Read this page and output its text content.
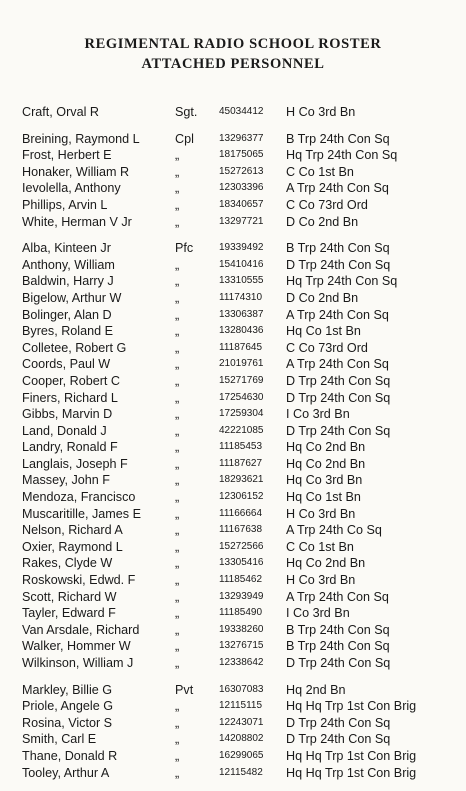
REGIMENTAL RADIO SCHOOL ROSTER
ATTACHED PERSONNEL
Craft, Orval R	Sgt. 45034412 H Co 3rd Bn
Breining, Raymond L	Cpl	13296377 B Trp 24th Con Sq
Frost, Herbert E	„	18175065 Hq Trp 24th Con Sq
Honaker, William R	„	15272613 C Co 1st Bn
Ievolella, Anthony	„	12303396 A Trp 24th Con Sq
Phillips, Arvin L	„	18340657 C Co 73rd Ord
White, Herman V Jr	„	13297721 D Co 2nd Bn
Alba, Kinteen Jr	Pfc	19339492 B Trp 24th Con Sq
Anthony, William	„	15410416 D Trp 24th Con Sq
Baldwin, Harry J	„	13310555 Hq Trp 24th Con Sq
Bigelow, Arthur W	„	11174310 D Co 2nd Bn
Bolinger, Alan D	„	13306387 A Trp 24th Con Sq
Byres, Roland E	„	13280436 Hq Co 1st Bn
Colletee, Robert G	„	11187645 C Co 73rd Ord
Coords, Paul W	„	21019761 A Trp 24th Con Sq
Cooper, Robert C	„	15271769 D Trp 24th Con Sq
Finers, Richard L	„	17254630 D Trp 24th Con Sq
Gibbs, Marvin D	„	17259304 I Co 3rd Bn
Land, Donald J	„	42221085 D Trp 24th Con Sq
Landry, Ronald F	„	11185453 Hq Co 2nd Bn
Langlais, Joseph F	„	11187627 Hq Co 2nd Bn
Massey, John F	„	18293621 Hq Co 3rd Bn
Mendoza, Francisco	„	12306152 Hq Co 1st Bn
Muscaritille, James E	„	11166664 H Co 3rd Bn
Nelson, Richard A	„	11167638 A Trp 24th Co Sq
Oxier, Raymond L	„	15272566 C Co 1st Bn
Rakes, Clyde W	„	13305416 Hq Co 2nd Bn
Roskowski, Edwd. F	„	11185462 H Co 3rd Bn
Scott, Richard W	„	13293949 A Trp 24th Con Sq
Tayler, Edward F	„	11185490 I Co 3rd Bn
Van Arsdale, Richard	„	19338260 B Trp 24th Con Sq
Walker, Hommer W	„	13276715 B Trp 24th Con Sq
Wilkinson, William J	„	12338642 D Trp 24th Con Sq
Markley, Billie G	Pvt	16307083 Hq 2nd Bn
Priole, Angele G	„	12115115 Hq Hq Trp 1st Con Brig
Rosina, Victor S	„	12243071 D Trp 24th Con Sq
Smith, Carl E	„	14208802 D Trp 24th Con Sq
Thane, Donald R	„	16299065 Hq Hq Trp 1st Con Brig
Tooley, Arthur A	„	12115482 Hq Hq Trp 1st Con Brig
